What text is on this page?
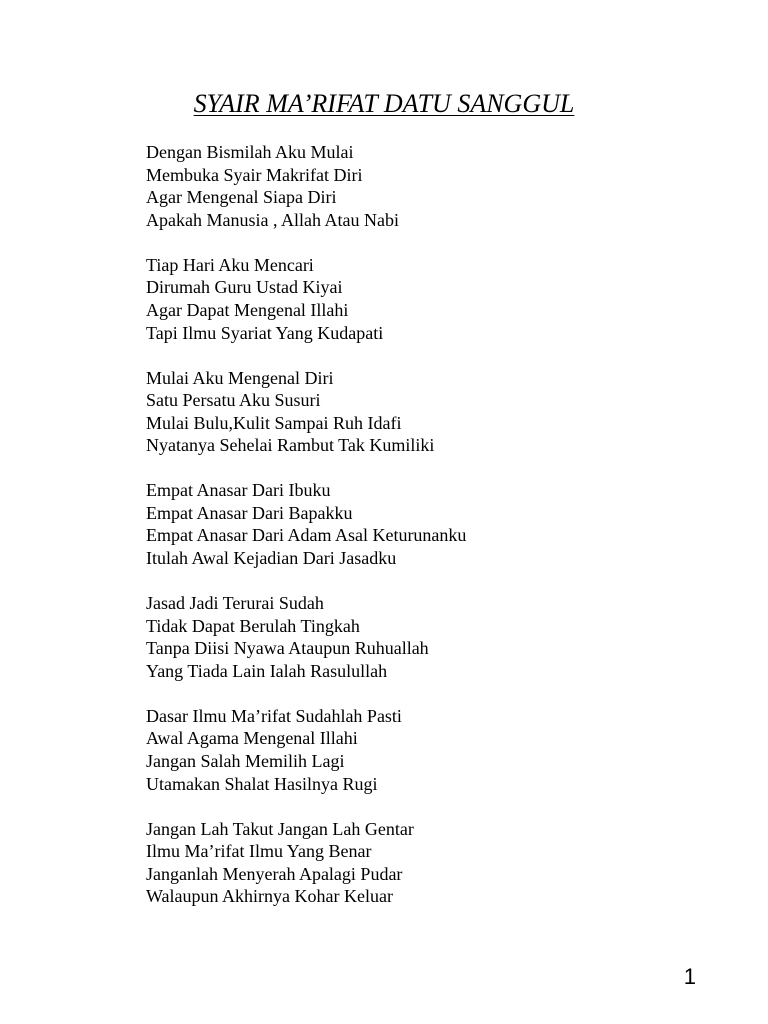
SYAIR MA’RIFAT DATU SANGGUL
Dengan Bismilah Aku Mulai
Membuka Syair Makrifat Diri
Agar Mengenal Siapa Diri
Apakah Manusia , Allah Atau Nabi
Tiap Hari Aku Mencari
Dirumah Guru Ustad Kiyai
Agar Dapat Mengenal Illahi
Tapi Ilmu Syariat Yang Kudapati
Mulai Aku Mengenal Diri
Satu Persatu Aku Susuri
Mulai Bulu,Kulit Sampai Ruh Idafi
Nyatanya Sehelai Rambut Tak Kumiliki
Empat Anasar Dari Ibuku
Empat Anasar Dari Bapakku
Empat Anasar Dari Adam Asal Keturunanku
Itulah Awal Kejadian Dari Jasadku
Jasad Jadi Terurai Sudah
Tidak Dapat Berulah Tingkah
Tanpa Diisi Nyawa Ataupun Ruhuallah
Yang Tiada Lain Ialah Rasulullah
Dasar Ilmu Ma’rifat Sudahlah Pasti
Awal Agama Mengenal Illahi
Jangan Salah Memilih Lagi
Utamakan Shalat Hasilnya Rugi
Jangan Lah Takut Jangan Lah Gentar
Ilmu Ma’rifat Ilmu Yang Benar
Janganlah Menyerah Apalagi Pudar
Walaupun Akhirnya Kohar Keluar
1
